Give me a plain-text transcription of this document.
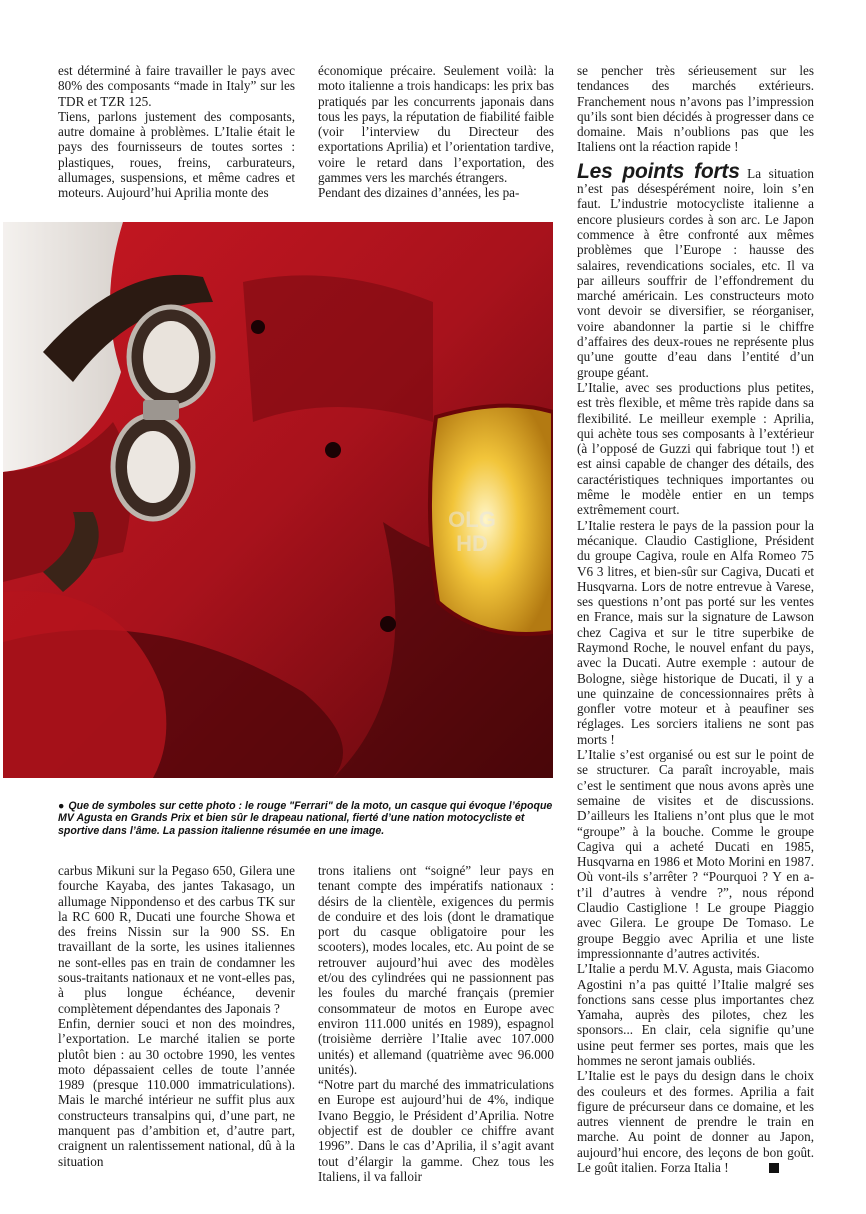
est déterminé à faire travailler le pays avec 80% des composants “made in Italy” sur les TDR et TZR 125.

Tiens, parlons justement des composants, autre domaine à problèmes. L’Italie était le pays des fournisseurs de toutes sortes : plastiques, roues, freins, carburateurs, allumages, suspensions, et même cadres et moteurs. Aujourd’hui Aprilia monte des

économique précaire. Seulement voilà: la moto italienne a trois handicaps: les prix bas pratiqués par les concurrents japonais dans tous les pays, la réputation de fiabilité faible (voir l’interview du Directeur des exportations Aprilia) et l’orientation tardive, voire le retard dans l’exportation, des gammes vers les marchés étrangers.

Pendant des dizaines d’années, les pa-

se pencher très sérieusement sur les tendances des marchés extérieurs. Franchement nous n’avons pas l’impression qu’ils sont bien décidés à progresser dans ce domaine. Mais n’oublions pas que les Italiens ont la réaction rapide !

Les points forts La situation n’est pas désespérément noire, loin s’en faut. L’industrie motocycliste italienne a encore plusieurs cordes à son arc. Le Japon commence à être confronté aux mêmes problèmes que l’Europe : hausse des salaires, revendications sociales, etc. Il va par ailleurs souffrir de l’effondrement du marché américain. Les constructeurs moto vont devoir se diversifier, se réorganiser, voire abandonner la partie si le chiffre d’affaires des deux-roues ne représente plus qu’une goutte d’eau dans l’entité d’un groupe géant.

L’Italie, avec ses productions plus petites, est très flexible, et même très rapide dans sa flexibilité. Le meilleur exemple : Aprilia, qui achète tous ses composants à l’extérieur (à l’opposé de Guzzi qui fabrique tout !) et est ainsi capable de changer des détails, des caractéristiques techniques importantes ou même le modèle entier en un temps extrêmement court.

L’Italie restera le pays de la passion pour la mécanique. Claudio Castiglione, Président du groupe Cagiva, roule en Alfa Romeo 75 V6 3 litres, et bien-sûr sur Cagiva, Ducati et Husqvarna. Lors de notre entrevue à Varese, ses questions n’ont pas porté sur les ventes en France, mais sur la signature de Lawson chez Cagiva et sur le titre superbike de Raymond Roche, le nouvel enfant du pays, avec la Ducati. Autre exemple : autour de Bologne, siège historique de Ducati, il y a une quinzaine de concessionnaires prêts à gonfler votre moteur et à peaufiner ses réglages. Les sorciers italiens ne sont pas morts !

L’Italie s’est organisé ou est sur le point de se structurer. Ca paraît incroyable, mais c’est le sentiment que nous avons après une semaine de visites et de discussions. D’ailleurs les Italiens n’ont plus que le mot “groupe” à la bouche. Comme le groupe Cagiva qui a acheté Ducati en 1985, Husqvarna en 1986 et Moto Morini en 1987. Où vont-ils s’arrêter ? “Pourquoi ? Y en a-t’il d’autres à vendre ?”, nous répond Claudio Castiglione ! Le groupe Piaggio avec Gilera. Le groupe De Tomaso. Le groupe Beggio avec Aprilia et une liste impressionnante d’autres activités.

L’Italie a perdu M.V. Agusta, mais Giacomo Agostini n’a pas quitté l’Italie malgré ses fonctions sans cesse plus importantes chez Yamaha, auprès des pilotes, chez les sponsors... En clair, cela signifie qu’une usine peut fermer ses portes, mais que les hommes ne seront jamais oubliés.

L’Italie est le pays du design dans le choix des couleurs et des formes. Aprilia a fait figure de précurseur dans ce domaine, et les autres viennent de prendre le train en marche. Au point de donner au Japon, aujourd’hui encore, des leçons de bon goût. Le goût italien. Forza Italia !

OLG
HD
● Que de symboles sur cette photo : le rouge "Ferrari" de la moto, un casque qui évoque l’époque MV Agusta en Grands Prix et bien sûr le drapeau national, fierté d’une nation motocycliste et sportive dans l’âme. La passion italienne résumée en une image.

carbus Mikuni sur la Pegaso 650, Gilera une fourche Kayaba, des jantes Takasago, un allumage Nippondenso et des carbus TK sur la RC 600 R, Ducati une fourche Showa et des freins Nissin sur la 900 SS. En travaillant de la sorte, les usines italiennes ne sont-elles pas en train de condamner les sous-traitants nationaux et ne vont-elles pas, à plus longue échéance, devenir complètement dépendantes des Japonais ?

Enfin, dernier souci et non des moindres, l’exportation. Le marché italien se porte plutôt bien : au 30 octobre 1990, les ventes moto dépassaient celles de toute l’année 1989 (presque 110.000 immatriculations). Mais le marché intérieur ne suffit plus aux constructeurs transalpins qui, d’une part, ne manquent pas d’ambition et, d’autre part, craignent un ralentissement national, dû à la situation

trons italiens ont “soigné” leur pays en tenant compte des impératifs nationaux : désirs de la clientèle, exigences du permis de conduire et des lois (dont le dramatique port du casque obligatoire pour les scooters), modes locales, etc. Au point de se retrouver aujourd’hui avec des modèles et/ou des cylindrées qui ne passionnent pas les foules du marché français (premier consommateur de motos en Europe avec environ 111.000 unités en 1989), espagnol (troisième derrière l’Italie avec 107.000 unités) et allemand (quatrième avec 96.000 unités).

“Notre part du marché des immatriculations en Europe est aujourd’hui de 4%, indique Ivano Beggio, le Président d’Aprilia. Notre objectif est de doubler ce chiffre avant 1996”. Dans le cas d’Aprilia, il s’agit avant tout d’élargir la gamme. Chez tous les Italiens, il va falloir
